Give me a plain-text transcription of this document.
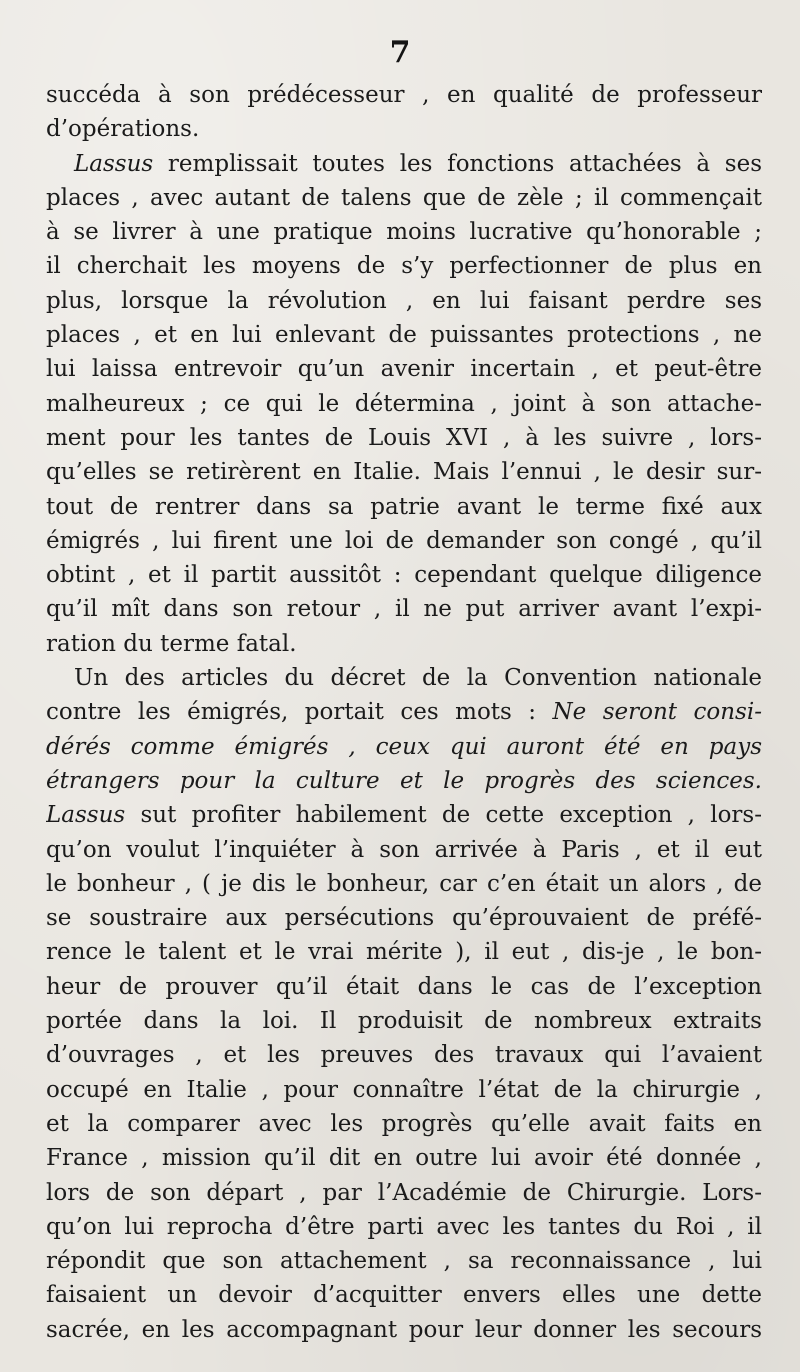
7
succéda à son prédécesseur , en qualité de professeur
d’opérations.
Lassus remplissait toutes les fonctions attachées à ses
places , avec autant de talens que de zèle ; il commençait
à se livrer à une pratique moins lucrative qu’honorable ;
il cherchait les moyens de s’y perfectionner de plus en
plus, lorsque la révolution , en lui faisant perdre ses
places , et en lui enlevant de puissantes protections , ne
lui laissa entrevoir qu’un avenir incertain , et peut-être
malheureux ; ce qui le détermina , joint à son attache-
ment pour les tantes de Louis XVI , à les suivre , lors-
qu’elles se retirèrent en Italie. Mais l’ennui , le desir sur-
tout de rentrer dans sa patrie avant le terme fixé aux
émigrés , lui firent une loi de demander son congé , qu’il
obtint , et il partit aussitôt : cependant quelque diligence
qu’il mît dans son retour , il ne put arriver avant l’expi-
ration du terme fatal.
Un des articles du décret de la Convention nationale
contre les émigrés, portait ces mots : Ne seront consi-
dérés comme émigrés , ceux qui auront été en pays
étrangers pour la culture et le progrès des sciences.
Lassus sut profiter habilement de cette exception , lors-
qu’on voulut l’inquiéter à son arrivée à Paris , et il eut
le bonheur , ( je dis le bonheur, car c’en était un alors , de
se soustraire aux persécutions qu’éprouvaient de préfé-
rence le talent et le vrai mérite ), il eut , dis-je , le bon-
heur de prouver qu’il était dans le cas de l’exception
portée dans la loi. Il produisit de nombreux extraits
d’ouvrages , et les preuves des travaux qui l’avaient
occupé en Italie , pour connaître l’état de la chirurgie ,
et la comparer avec les progrès qu’elle avait faits en
France , mission qu’il dit en outre lui avoir été donnée ,
lors de son départ , par l’Académie de Chirurgie. Lors-
qu’on lui reprocha d’être parti avec les tantes du Roi , il
répondit que son attachement , sa reconnaissance , lui
faisaient un devoir d’acquitter envers elles une dette
sacrée, en les accompagnant pour leur donner les secours
